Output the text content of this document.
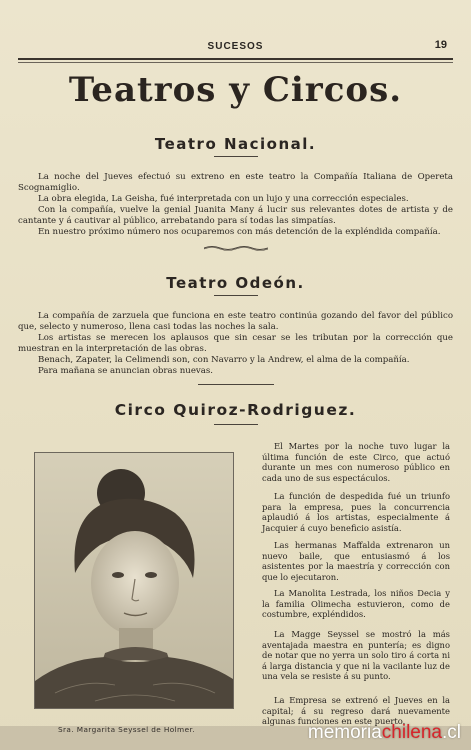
SUCESOS	19
Teatros y Circos.
Teatro Nacional.
La noche del Jueves efectuó su extreno en este teatro la Compañía Italiana de Opereta Scognamiglio.
La obra elegida, La Geisha, fué interpretada con un lujo y una corrección especiales.
Con la compañía, vuelve la genial Juanita Many á lucir sus relevantes dotes de artista y de cantante y á cautivar al público, arrebatando para sí todas las simpatías.
En nuestro próximo número nos ocuparemos con más detención de la expléndida compañía.
Teatro Odeón.
La compañía de zarzuela que funciona en este teatro continúa gozando del favor del público que, selecto y numeroso, llena casi todas las noches la sala.
Los artistas se merecen los aplausos que sin cesar se les tributan por la corrección que muestran en la interpretación de las obras.
Benach, Zapater, la Celimendi son, con Navarro y la Andrew, el alma de la compañía.
Para mañana se anuncian obras nuevas.
Circo Quiroz-Rodriguez.
El Martes por la noche tuvo lugar la última función de este Circo, que actuó durante un mes con numeroso público en cada uno de sus espectáculos.
La función de despedida fué un triunfo para la empresa, pues la concurrencia aplaudió á los artistas, especialmente á Jacquier á cuyo beneficio asistía.
Las hermanas Maffalda extrenaron un nuevo baile, que entusiasmó á los asistentes por la maestría y corrección con que lo ejecutaron.
La Manolita Lestrada, los niños Decia y la familia Olimecha estuvieron, como de costumbre, expléndidos.
La Magge Seyssel se mostró la más aventajada maestra en puntería; es digno de notar que no yerra un solo tiro á corta ni á larga distancia y que ni la vacilante luz de una vela se resiste á su punto.
La Empresa se extrenó el Jueves en la capital; á su regreso dará nuevamente algunas funciones en este puerto.
Sra. Margarita Seyssel de Holmer.	memoriachilena.cl
